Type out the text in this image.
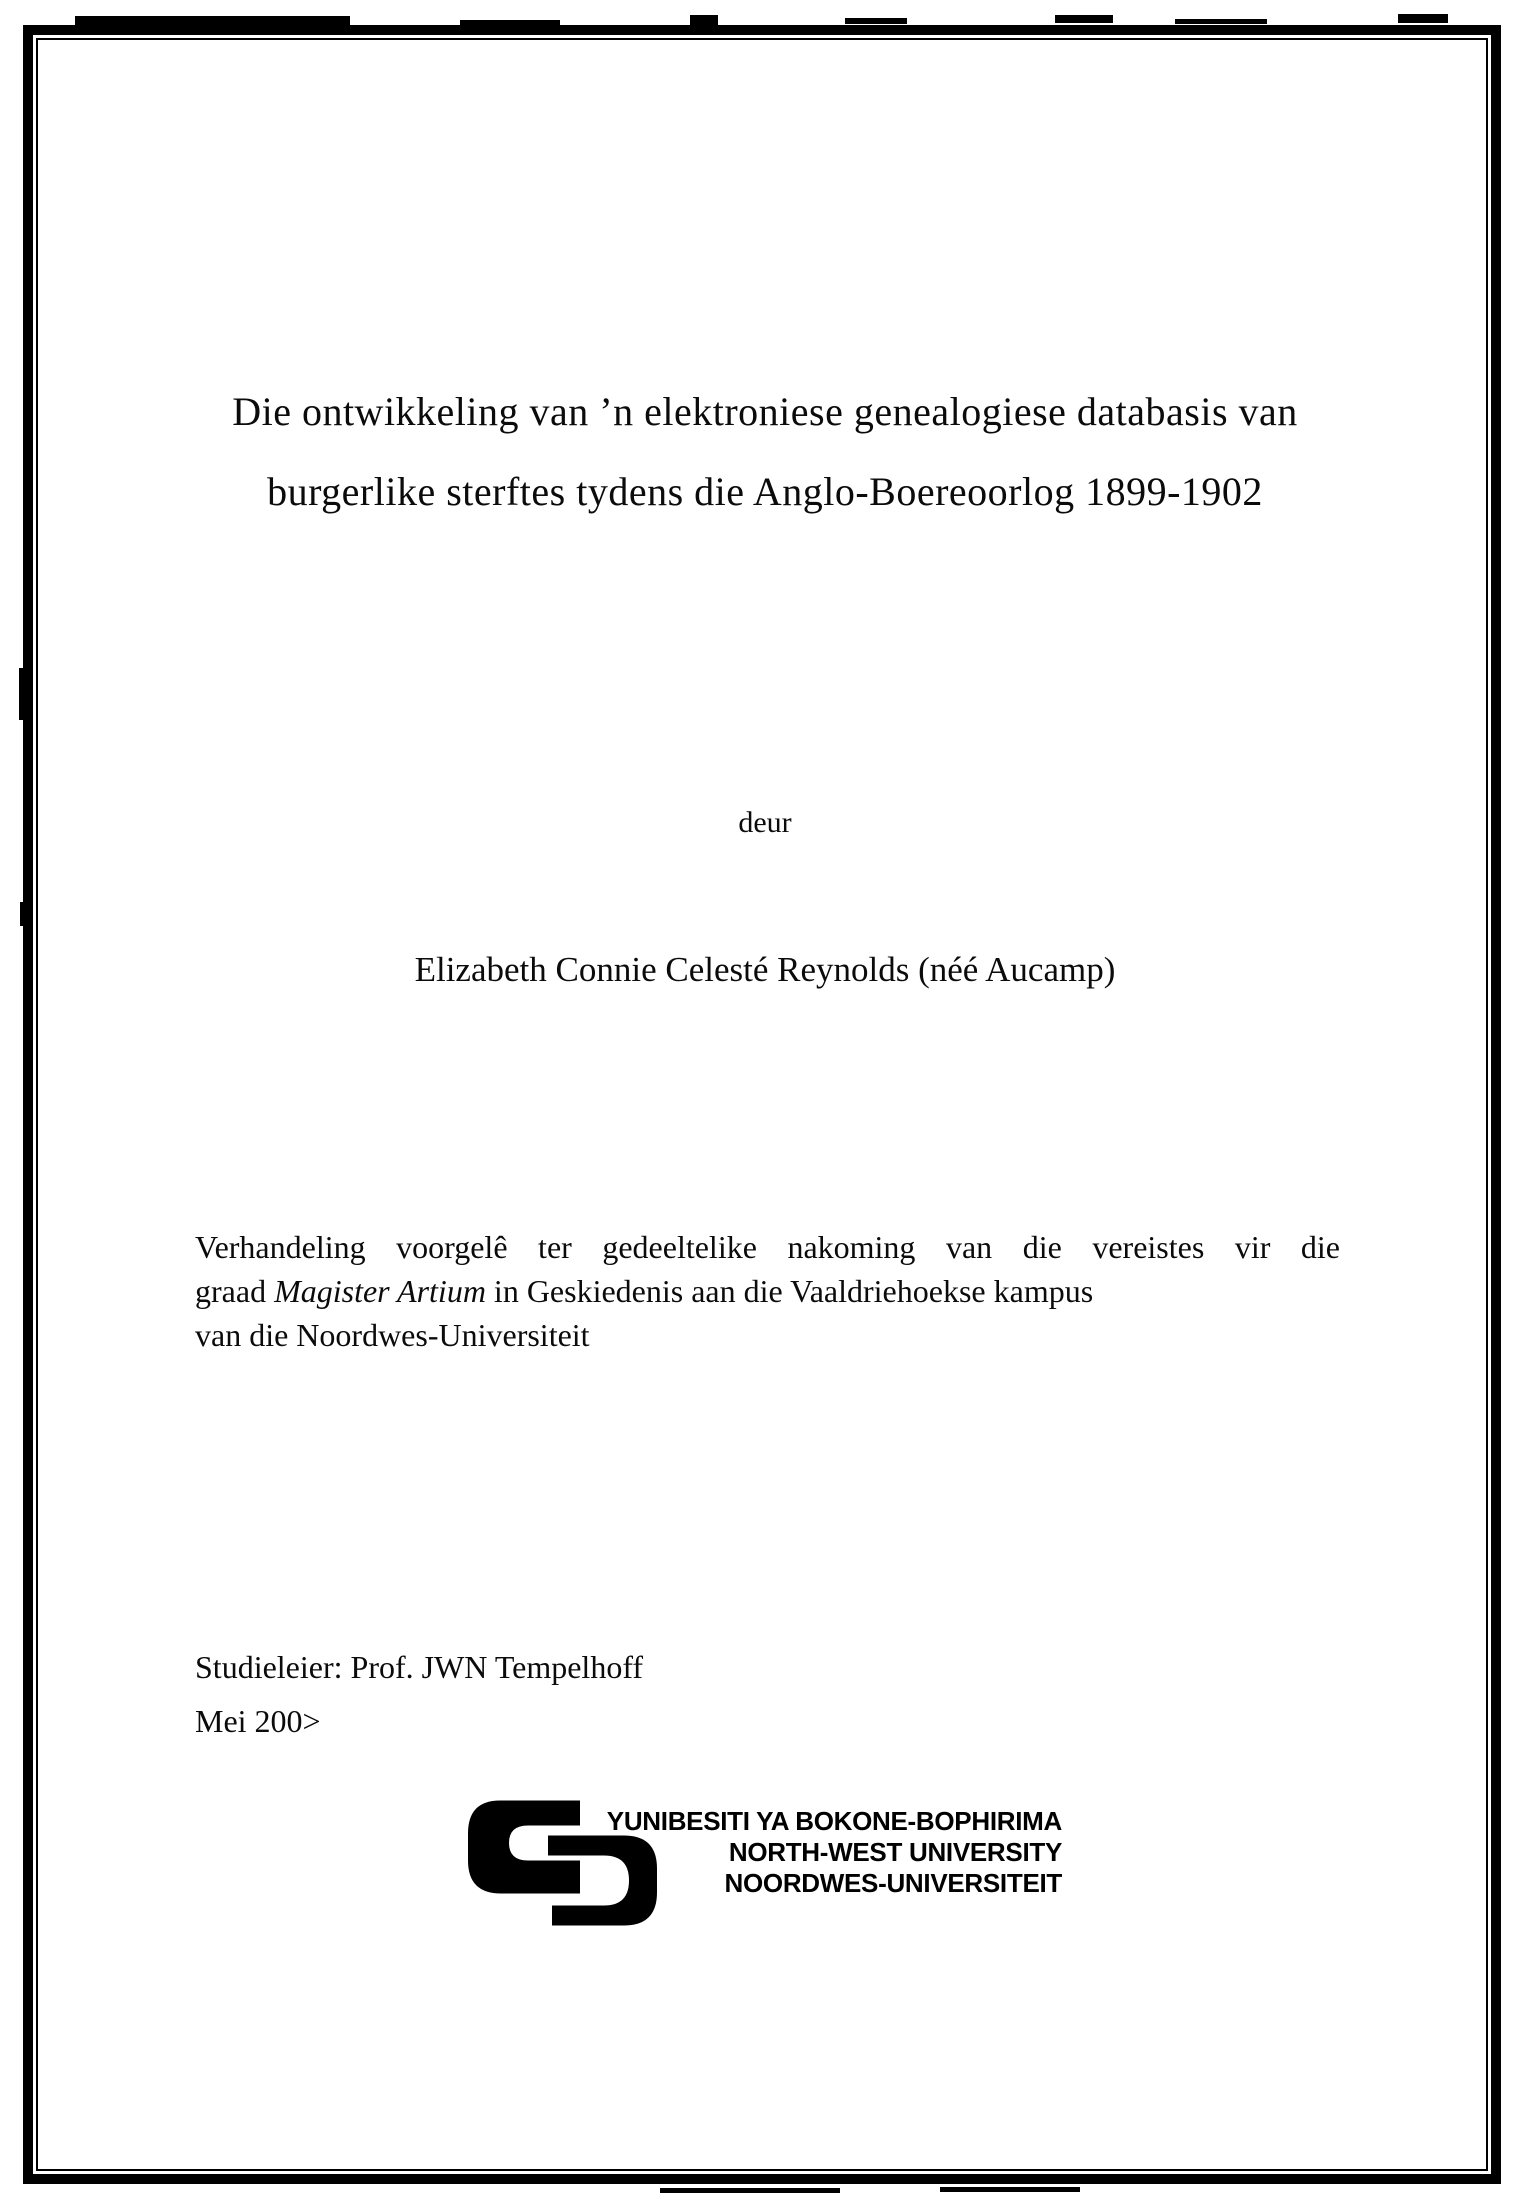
Die ontwikkeling van ’n elektroniese genealogiese databasis van
burgerlike sterftes tydens die Anglo-Boereoorlog 1899-1902
deur
Elizabeth Connie Celesté Reynolds (néé Aucamp)
Verhandeling voorgelê ter gedeeltelike nakoming van die vereistes vir die
graad Magister Artium in Geskiedenis aan die Vaaldriehoekse kampus
van die Noordwes-Universiteit
Studieleier: Prof. JWN Tempelhoff
Mei 200>
YUNIBESITI YA BOKONE-BOPHIRIMA
NORTH-WEST UNIVERSITY
NOORDWES-UNIVERSITEIT
